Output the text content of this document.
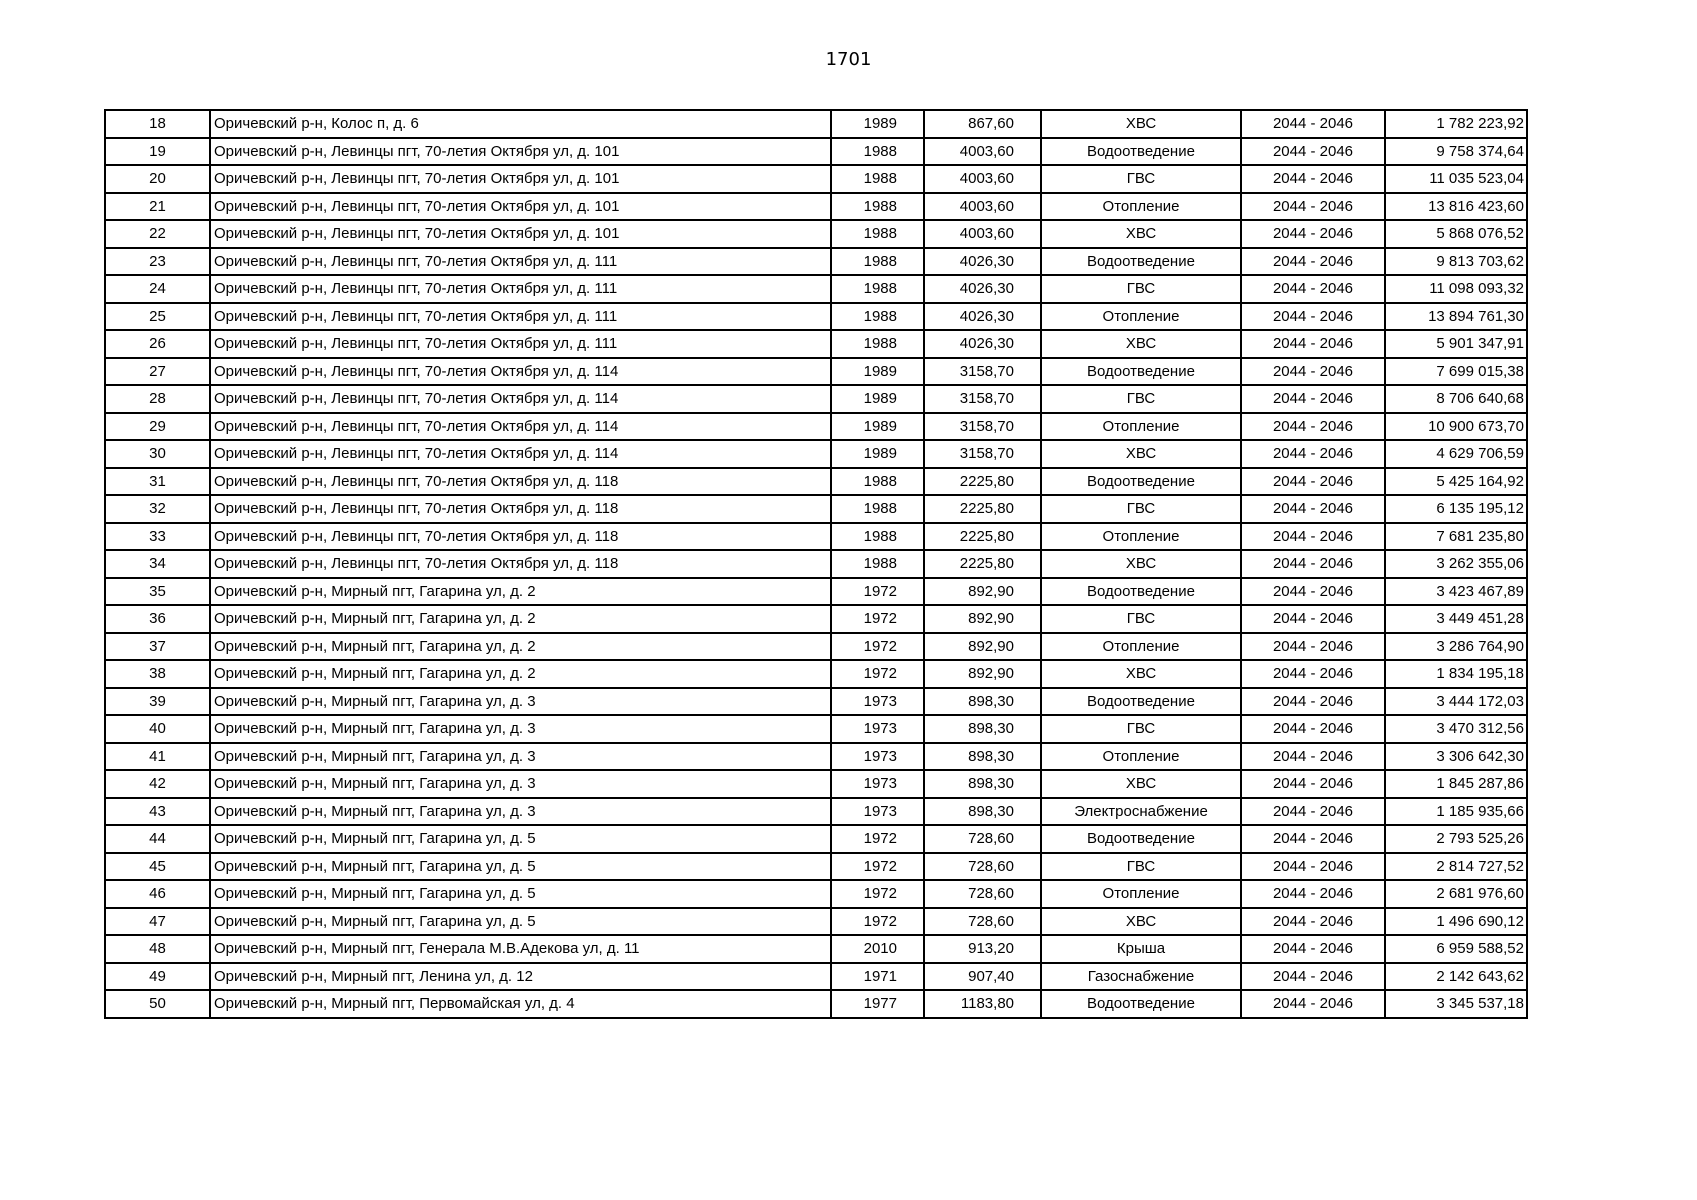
1701
18	Оричевский р-н, Колос п, д. 6	1989	867,60	ХВС	2044 - 2046	1 782 223,92
19	Оричевский р-н, Левинцы пгт, 70-летия Октября ул, д. 101	1988	4003,60	Водоотведение	2044 - 2046	9 758 374,64
20	Оричевский р-н, Левинцы пгт, 70-летия Октября ул, д. 101	1988	4003,60	ГВС	2044 - 2046	11 035 523,04
21	Оричевский р-н, Левинцы пгт, 70-летия Октября ул, д. 101	1988	4003,60	Отопление	2044 - 2046	13 816 423,60
22	Оричевский р-н, Левинцы пгт, 70-летия Октября ул, д. 101	1988	4003,60	ХВС	2044 - 2046	5 868 076,52
23	Оричевский р-н, Левинцы пгт, 70-летия Октября ул, д. 111	1988	4026,30	Водоотведение	2044 - 2046	9 813 703,62
24	Оричевский р-н, Левинцы пгт, 70-летия Октября ул, д. 111	1988	4026,30	ГВС	2044 - 2046	11 098 093,32
25	Оричевский р-н, Левинцы пгт, 70-летия Октября ул, д. 111	1988	4026,30	Отопление	2044 - 2046	13 894 761,30
26	Оричевский р-н, Левинцы пгт, 70-летия Октября ул, д. 111	1988	4026,30	ХВС	2044 - 2046	5 901 347,91
27	Оричевский р-н, Левинцы пгт, 70-летия Октября ул, д. 114	1989	3158,70	Водоотведение	2044 - 2046	7 699 015,38
28	Оричевский р-н, Левинцы пгт, 70-летия Октября ул, д. 114	1989	3158,70	ГВС	2044 - 2046	8 706 640,68
29	Оричевский р-н, Левинцы пгт, 70-летия Октября ул, д. 114	1989	3158,70	Отопление	2044 - 2046	10 900 673,70
30	Оричевский р-н, Левинцы пгт, 70-летия Октября ул, д. 114	1989	3158,70	ХВС	2044 - 2046	4 629 706,59
31	Оричевский р-н, Левинцы пгт, 70-летия Октября ул, д. 118	1988	2225,80	Водоотведение	2044 - 2046	5 425 164,92
32	Оричевский р-н, Левинцы пгт, 70-летия Октября ул, д. 118	1988	2225,80	ГВС	2044 - 2046	6 135 195,12
33	Оричевский р-н, Левинцы пгт, 70-летия Октября ул, д. 118	1988	2225,80	Отопление	2044 - 2046	7 681 235,80
34	Оричевский р-н, Левинцы пгт, 70-летия Октября ул, д. 118	1988	2225,80	ХВС	2044 - 2046	3 262 355,06
35	Оричевский р-н, Мирный пгт, Гагарина ул, д. 2	1972	892,90	Водоотведение	2044 - 2046	3 423 467,89
36	Оричевский р-н, Мирный пгт, Гагарина ул, д. 2	1972	892,90	ГВС	2044 - 2046	3 449 451,28
37	Оричевский р-н, Мирный пгт, Гагарина ул, д. 2	1972	892,90	Отопление	2044 - 2046	3 286 764,90
38	Оричевский р-н, Мирный пгт, Гагарина ул, д. 2	1972	892,90	ХВС	2044 - 2046	1 834 195,18
39	Оричевский р-н, Мирный пгт, Гагарина ул, д. 3	1973	898,30	Водоотведение	2044 - 2046	3 444 172,03
40	Оричевский р-н, Мирный пгт, Гагарина ул, д. 3	1973	898,30	ГВС	2044 - 2046	3 470 312,56
41	Оричевский р-н, Мирный пгт, Гагарина ул, д. 3	1973	898,30	Отопление	2044 - 2046	3 306 642,30
42	Оричевский р-н, Мирный пгт, Гагарина ул, д. 3	1973	898,30	ХВС	2044 - 2046	1 845 287,86
43	Оричевский р-н, Мирный пгт, Гагарина ул, д. 3	1973	898,30	Электроснабжение	2044 - 2046	1 185 935,66
44	Оричевский р-н, Мирный пгт, Гагарина ул, д. 5	1972	728,60	Водоотведение	2044 - 2046	2 793 525,26
45	Оричевский р-н, Мирный пгт, Гагарина ул, д. 5	1972	728,60	ГВС	2044 - 2046	2 814 727,52
46	Оричевский р-н, Мирный пгт, Гагарина ул, д. 5	1972	728,60	Отопление	2044 - 2046	2 681 976,60
47	Оричевский р-н, Мирный пгт, Гагарина ул, д. 5	1972	728,60	ХВС	2044 - 2046	1 496 690,12
48	Оричевский р-н, Мирный пгт, Генерала М.В.Адекова ул, д. 11	2010	913,20	Крыша	2044 - 2046	6 959 588,52
49	Оричевский р-н, Мирный пгт, Ленина ул, д. 12	1971	907,40	Газоснабжение	2044 - 2046	2 142 643,62
50	Оричевский р-н, Мирный пгт, Первомайская ул, д. 4	1977	1183,80	Водоотведение	2044 - 2046	3 345 537,18
